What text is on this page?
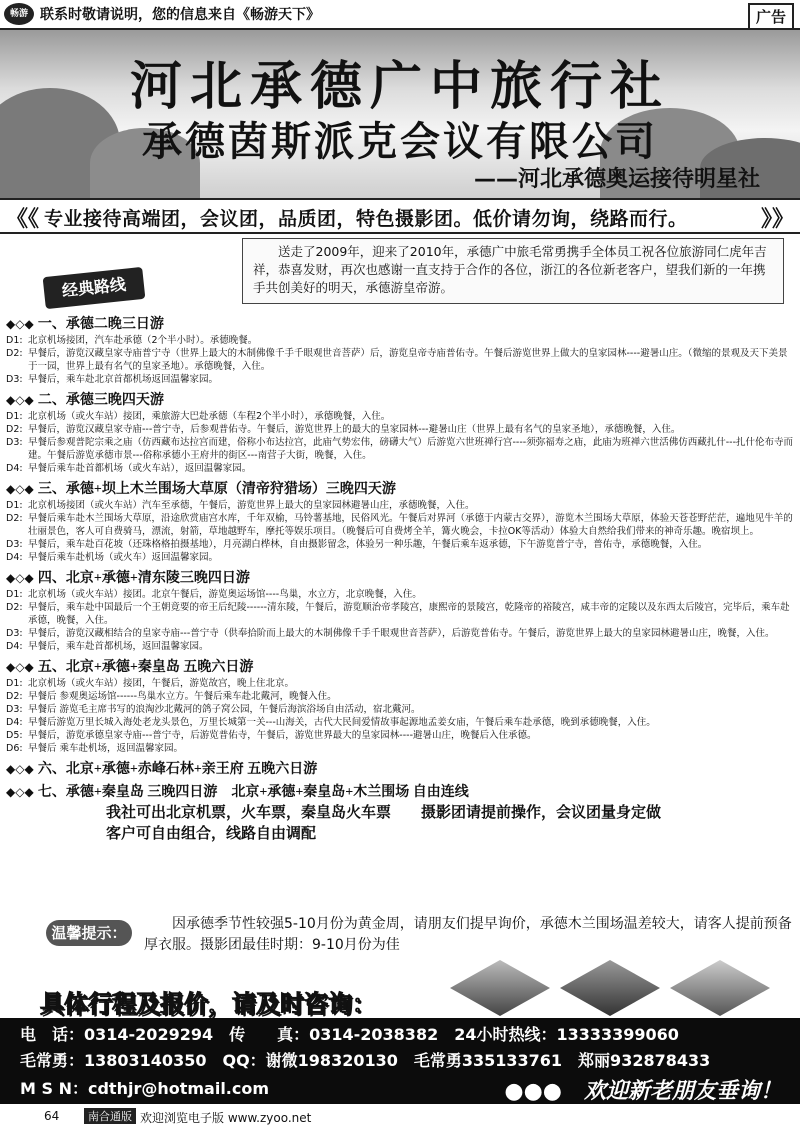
畅游 联系时敬请说明，您的信息来自《畅游天下》	广告
河北承德广中旅行社
承德茵斯派克会议有限公司
——河北承德奥运接待明星社
《《 专业接待高端团，会议团，品质团，特色摄影团。低价请勿询，绕路而行。	》》
送走了2009年，迎来了2010年，承德广中旅毛常勇携手全体员工祝各位旅游同仁虎年吉祥，恭喜发财，再次也感谢一直支持于合作的各位，浙江的各位新老客户，望我们新的一年携手共创美好的明天，承德游皇帝游。
经典路线
◆◇◆ 一、承德二晚三日游
D1: 北京机场接团，汽车赴承德（2个半小时）。承德晚餐。
D2: 早餐后，游览汉藏皇家寺庙普宁寺（世界上最大的木制佛像千手千眼观世音菩萨）后，游览皇帝寺庙普佑寺。午餐后游览世界上做大的皇家园林----避暑山庄。（微缩的景观及天下美景于一园，世界上最有名气的皇家圣地）。承德晚餐，入住。
D3: 早餐后，乘车赴北京首都机场返回温馨家园。
◆◇◆ 二、承德三晚四天游
D1: 北京机场（或火车站）接团，乘旅游大巴赴承德（车程2个半小时），承德晚餐，入住。
D2: 早餐后，游览汉藏皇家寺庙---普宁寺，后参观普佑寺。午餐后，游览世界上的最大的皇家园林---避暑山庄（世界上最有名气的皇家圣地），承德晚餐，入住。
D3: 早餐后参观普陀宗乘之庙（仿西藏布达拉宫而建，俗称小布达拉宫，此庙气势宏伟，磅礴大气）后游览六世班禅行宫----须弥福寿之庙，此庙为班禅六世活佛仿西藏扎什---扎什伦布寺而建。午餐后游览承德市景---俗称承德小王府井的街区---南营子大街，晚餐，入住。
D4: 早餐后乘车赴首都机场（或火车站），返回温馨家园。
◆◇◆ 三、承德+坝上木兰围场大草原（清帝狩猎场）三晚四天游
D1: 北京机场接团（或火车站）汽车至承德，午餐后，游览世界上最大的皇家园林避暑山庄，承德晚餐，入住。
D2: 早餐后乘车赴木兰围场大草原，沿途欣赏庙宫水库，千年双榆，马铃薯基地，民俗风光。午餐后对界河（承德于内蒙古交界），游览木兰围场大草原，体验天苍苍野茫茫，遍地见牛羊的壮丽景色，客人可自费骑马，漂流，射箭，草地越野车，摩托等娱乐项目。（晚餐后可自费烤全羊，篝火晚会，卡拉OK等活动）体验大自然给我们带来的神奇乐趣。晚宿坝上。
D3: 早餐后，乘车赴百花坡（还珠格格拍摄基地），月亮湖白桦林，自由摄影留念，体验另一种乐趣，午餐后乘车返承德，下午游览普宁寺，普佑寺，承德晚餐，入住。
D4: 早餐后乘车赴机场（或火车）返回温馨家园。
◆◇◆ 四、北京+承德+清东陵三晚四日游
D1: 北京机场（或火车站）接团。北京午餐后，游览奥运场馆----鸟巢，水立方，北京晚餐，入住。
D2: 早餐后，乘车赴中国最后一个王朝竟要的帝王后纪陵------清东陵，午餐后，游览顺治帝孝陵宫，康熙帝的景陵宫，乾隆帝的裕陵宫，咸丰帝的定陵以及东西太后陵宫，完毕后，乘车赴承德，晚餐，入住。
D3: 早餐后，游览汉藏相结合的皇家寺庙---普宁寺（供奉拾阶而上最大的木制佛像千手千眼观世音菩萨），后游览普佑寺。午餐后，游览世界上最大的皇家园林避暑山庄，晚餐，入住。
D4: 早餐后，乘车赴首都机场，返回温馨家园。
◆◇◆ 五、北京+承德+秦皇岛 五晚六日游
D1: 北京机场（或火车站）接团，午餐后，游览故宫，晚上住北京。
D2: 早餐后 参观奥运场馆------鸟巢水立方。午餐后乘车赴北戴河，晚餐入住。
D3: 早餐后 游览毛主席书写的浪淘沙北戴河的鸽子窝公园，午餐后海滨浴场自由活动，宿北戴河。
D4: 早餐后游览万里长城入海处老龙头景色，万里长城第一关---山海关，古代大民间爱情故事起源地孟姜女庙，午餐后乘车赴承德，晚到承德晚餐，入住。
D5: 早餐后，游览承德皇家寺庙---普宁寺，后游览普佑寺，午餐后，游览世界最大的皇家园林----避暑山庄，晚餐后入住承德。
D6: 早餐后 乘车赴机场，返回温馨家园。
◆◇◆ 六、北京+承德+赤峰石林+亲王府 五晚六日游
◆◇◆ 七、承德+秦皇岛 三晚四日游　北京+承德+秦皇岛+木兰围场 自由连线
我社可出北京机票，火车票，秦皇岛火车票　　摄影团请提前操作，会议团量身定做
客户可自由组合，线路自由调配
温馨提示：	因承德季节性较强5-10月份为黄金周，请朋友们提早询价，承德木兰围场温差较大，请客人提前预备厚衣服。摄影团最佳时期：9-10月份为佳
具体行程及报价，请及时咨询：
电　话：0314-2029294　传　　真：0314-2038382　24小时热线：13333399060
毛常勇：13803140350　QQ：谢微198320130　毛常勇335133761　郑丽932878433
M S N：cdthjr@hotmail.com	●●●　欢迎新老朋友垂询！
64	南合通版 欢迎浏览电子版 www.zyoo.net
